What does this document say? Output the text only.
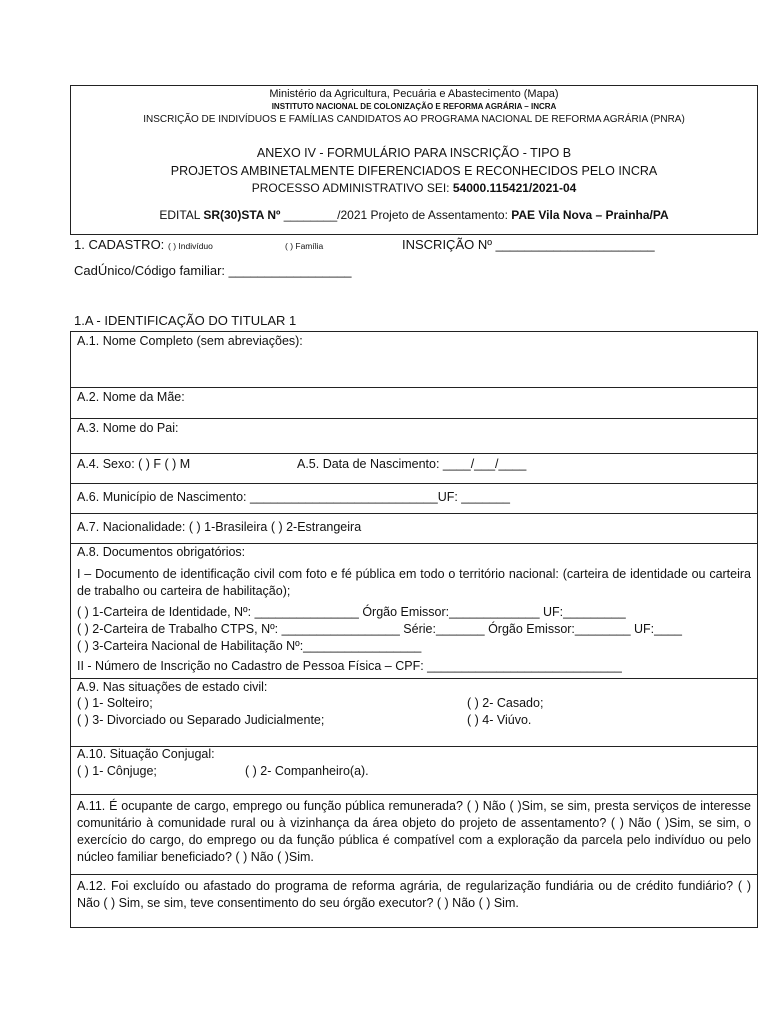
Ministério da Agricultura, Pecuária e Abastecimento (Mapa)
INSTITUTO NACIONAL DE COLONIZAÇÃO E REFORMA AGRÁRIA – INCRA
INSCRIÇÃO DE INDIVÍDUOS E FAMÍLIAS CANDIDATOS AO PROGRAMA NACIONAL DE REFORMA AGRÁRIA (PNRA)
ANEXO IV - FORMULÁRIO PARA INSCRIÇÃO - TIPO B
PROJETOS AMBINETALMENTE DIFERENCIADOS E RECONHECIDOS PELO INCRA
PROCESSO ADMINISTRATIVO SEI: 54000.115421/2021-04
EDITAL SR(30)STA Nº ________/2021 Projeto de Assentamento: PAE Vila Nova – Prainha/PA
1. CADASTRO: ( ) Indivíduo	( ) Família	INSCRIÇÃO Nº ______________________
CadÚnico/Código familiar: _________________
1.A - IDENTIFICAÇÃO DO TITULAR 1
A.1. Nome Completo (sem abreviações):
A.2. Nome da Mãe:
A.3. Nome do Pai:
A.4. Sexo: ( ) F ( ) M	A.5. Data de Nascimento: ____/___/____
A.6. Município de Nascimento: ___________________________UF: _______
A.7. Nacionalidade: ( ) 1-Brasileira ( ) 2-Estrangeira
A.8. Documentos obrigatórios:
I – Documento de identificação civil com foto e fé pública em todo o território nacional: (carteira de identidade ou carteira de trabalho ou carteira de habilitação);
( ) 1-Carteira de Identidade, Nº: _______________ Órgão Emissor:_____________ UF:_________
( ) 2-Carteira de Trabalho CTPS, Nº: _________________ Série:_______ Órgão Emissor:________ UF:____
( ) 3-Carteira Nacional de Habilitação Nº:_________________
II - Número de Inscrição no Cadastro de Pessoa Física – CPF: ____________________________
A.9. Nas situações de estado civil:
( ) 1- Solteiro;	( ) 2- Casado;
( ) 3- Divorciado ou Separado Judicialmente;	( ) 4- Viúvo.
A.10. Situação Conjugal:
( ) 1- Cônjuge;	( ) 2- Companheiro(a).
A.11. É ocupante de cargo, emprego ou função pública remunerada? ( ) Não ( )Sim, se sim, presta serviços de interesse comunitário à comunidade rural ou à vizinhança da área objeto do projeto de assentamento? ( ) Não ( )Sim, se sim, o exercício do cargo, do emprego ou da função pública é compatível com a exploração da parcela pelo indivíduo ou pelo núcleo familiar beneficiado? ( ) Não ( )Sim.
A.12. Foi excluído ou afastado do programa de reforma agrária, de regularização fundiária ou de crédito fundiário? ( ) Não ( ) Sim, se sim, teve consentimento do seu órgão executor? ( ) Não ( ) Sim.
